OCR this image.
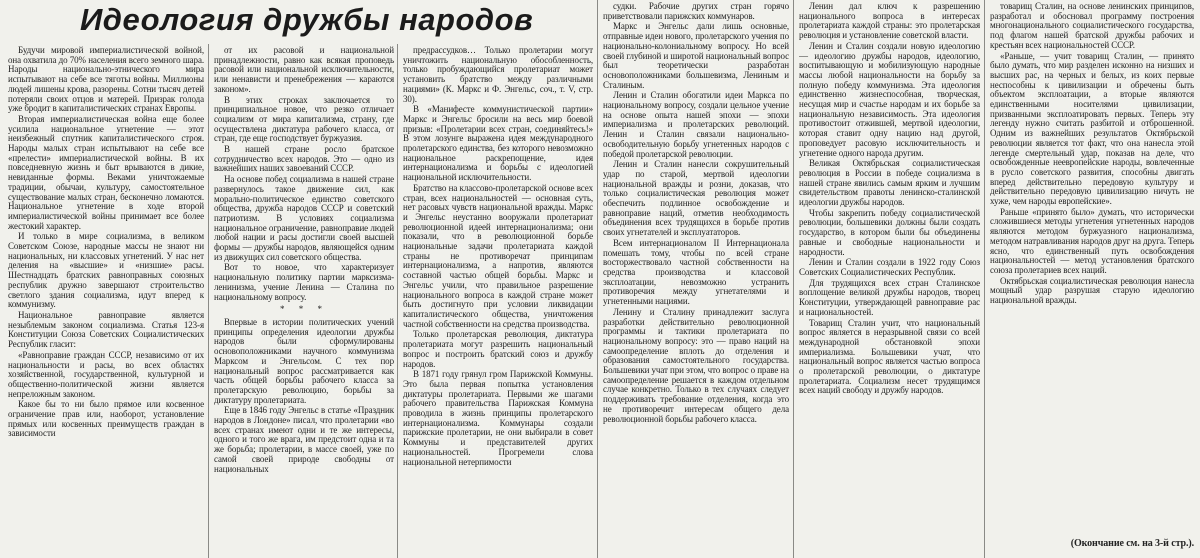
Идеология дружбы народов

Будучи мировой империалистической войной, она охватила до 70% населения всего земного шара. Народы национально-этнического мира испытывают на себе все тяготы войны. Миллионы людей лишены крова, разорены. Сотни тысяч детей потеряли своих отцов и матерей. Призрак голода уже бродит в капиталистических странах Европы.

Вторая империалистическая война еще более усилила национальное угнетение — этот неизбежный спутник капиталистического строя. Народы малых стран испытывают на себе все «прелести» империалистической войны. В их повседневную жизнь и быт врываются в дикие, невиданные формы. Веками уничтожаемые традиции, обычаи, культуру, самостоятельное существование малых стран, бесконечно ломаются. Национальное угнетение в ходе второй империалистической войны принимает все более жестокий характер.

И только в мире социализма, в великом Советском Союзе, народные массы не знают ни национальных, ни классовых угнетений. У нас нет деления на «высшие» и «низшие» расы. Шестнадцать братских равноправных союзных республик дружно завершают строительство светлого здания социализма, идут вперед к коммунизму.

Национальное равноправие является незыблемым законом социализма. Статья 123-я Конституции Союза Советских Социалистических Республик гласит:

«Равноправие граждан СССР, независимо от их национальности и расы, во всех областях хозяйственной, государственной, культурной и общественно-политической жизни является непреложным законом.

Какое бы то ни было прямое или косвенное ограничение прав или, наоборот, установление прямых или косвенных преимуществ граждан в зависимости

от их расовой и национальной принадлежности, равно как всякая проповедь расовой или национальной исключительности, или ненависти и пренебрежения — караются законом».

В этих строках заключается то принципиальное новое, что резко отличает социализм от мира капитализма, страну, где осуществлена диктатура рабочего класса, от стран, где еще господствует буржуазия.

В нашей стране росло братское сотрудничество всех народов. Это — одно из важнейших наших завоеваний СССР.

На основе побед социализма в нашей стране развернулось такое движение сил, как морально-политическое единство советского общества, дружба народов СССР и советский патриотизм. В условиях социализма национальное ограничение, равноправие людей любой нации и расы достигли своей высшей формы — дружбы народов, являющейся одним из движущих сил советского общества.

Вот то новое, что характеризует национальную политику партии марксизма-ленинизма, учение Ленина — Сталина по национальному вопросу.

* * *

Впервые в истории политических учений принципы определения идеологии дружбы народов были сформулированы основоположниками научного коммунизма Марксом и Энгельсом. С тех пор национальный вопрос рассматривается как часть общей борьбы рабочего класса за пролетарскую революцию, борьбы за диктатуру пролетариата.

Еще в 1846 году Энгельс в статье «Праздник народов в Лондоне» писал, что пролетарии «во всех странах имеют одни и те же интересы, одного и того же врага, им предстоит одна и та же борьба; пролетарии, в массе своей, уже по самой своей природе свободны от национальных

предрассудков… Только пролетарии могут уничтожить национальную обособленность, только пробуждающийся пролетариат может установить братство между различными нациями» (К. Маркс и Ф. Энгельс, соч., т. V, стр. 30).

В «Манифесте коммунистической партии» Маркс и Энгельс бросили на весь мир боевой призыв: «Пролетарии всех стран, соединяйтесь!» В этом лозунге выражена идея международного пролетарского единства, без которого невозможно национальное раскрепощение, идея интернационализма и борьбы с идеологией национальной исключительности.

Братство на классово-пролетарской основе всех стран, всех национальностей — основная суть, нет расовых чувств национальной вражды. Маркс и Энгельс неустанно вооружали пролетариат революционной идеей интернационализма; они показали, что в революционной борьбе национальные задачи пролетариата каждой страны не противоречат принципам интернационализма, а напротив, являются составной частью общей борьбы. Маркс и Энгельс учили, что правильное разрешение национального вопроса в каждой стране может быть достигнуто при условии ликвидации капиталистического общества, уничтожения частной собственности на средства производства.

Только пролетарская революция, диктатура пролетариата могут разрешить национальный вопрос и построить братский союз и дружбу народов.

В 1871 году грянул гром Парижской Коммуны. Это была первая попытка установления диктатуры пролетариата. Первыми же шагами рабочего правительства Парижская Коммуна проводила в жизнь принципы пролетарского интернационализма. Коммунары создали парижские пролетарии, не они выбирали в совет Коммуны и представителей других национальностей. Прогремели слова национальной нетерпимости

судки. Рабочие других стран горячо приветствовали парижских коммунаров.

Маркс и Энгельс дали лишь основные, отправные идеи нового, пролетарского учения по национально-колониальному вопросу. Но всей своей глубиной и широтой национальный вопрос был теоретически разработан основоположниками большевизма, Лениным и Сталиным.

Ленин и Сталин обогатили идеи Маркса по национальному вопросу, создали цельное учение на основе опыта нашей эпохи — эпохи империализма и пролетарских революций. Ленин и Сталин связали национально-освободительную борьбу угнетенных народов с победой пролетарской революции.

Ленин и Сталин нанесли сокрушительный удар по старой, мертвой идеологии национальной вражды и розни, доказав, что только социалистическая революция может обеспечить подлинное освобождение и равноправие наций, отметив необходимость объединения всех трудящихся в борьбе против своих угнетателей и эксплуататоров.

Всем интернационалом II Интернационала помешать тому, чтобы по всей стране восторжествовало частной собственности на средства производства и классовой эксплоатации, невозможно устранить противоречия между угнетателями и угнетенными нациями.

Ленину и Сталину принадлежит заслуга разработки действительно революционной программы и тактики пролетариата по национальному вопросу: это — право наций на самоопределение вплоть до отделения и образования самостоятельного государства. Большевики учат при этом, что вопрос о праве на самоопределение решается в каждом отдельном случае конкретно. Только в тех случаях следует поддерживать требование отделения, когда это не противоречит интересам общего дела революционной борьбы рабочего класса.

Ленин дал ключ к разрешению национального вопроса в интересах пролетариата каждой страны: это пролетарская революция и установление советской власти.

Ленин и Сталин создали новую идеологию — идеологию дружбы народов, идеологию, воспитывающую и мобилизующую народные массы любой национальности на борьбу за полную победу коммунизма. Эта идеология единственно жизнеспособная, творческая, несущая мир и счастье народам и их борьбе за национальную независимость. Эта идеология противостоит отжившей, мертвой идеологии, которая ставит одну нацию над другой, проповедует расовую исключительность и угнетение одного народа другим.

Великая Октябрьская социалистическая революция в России в победе социализма в нашей стране явились самым ярким и лучшим свидетельством правоты ленинско-сталинской идеологии дружбы народов.

Чтобы закрепить победу социалистической революции, большевики должны были создать государство, в котором были бы объединены равные и свободные национальности и народности.

Ленин и Сталин создали в 1922 году Союз Советских Социалистических Республик.

Для трудящихся всех стран Сталинское воплощение великой дружбы народов, творец Конституции, утверждающей равноправие рас и национальностей.

Товарищ Сталин учит, что национальный вопрос является в неразрывной связи со всей международной обстановкой эпохи империализма. Большевики учат, что национальный вопрос является частью вопроса о пролетарской революции, о диктатуре пролетариата. Социализм несет трудящимся всех наций свободу и дружбу народов.

товарищ Сталин, на основе ленинских принципов, разработал и обосновал программу построения многонационального социалистического государства, под флагом нашей братской дружбы рабочих и крестьян всех национальностей СССР.

«Раньше, — учит товарищ Сталин, — принято было думать, что мир разделен исконно на низших и высших рас, на черных и белых, из коих первые неспособны к цивилизации и обречены быть объектом эксплоатации, а вторые являются единственными носителями цивилизации, призванными эксплоатировать первых. Теперь эту легенду нужно считать разбитой и отброшенной. Одним из важнейших результатов Октябрьской революции является тот факт, что она нанесла этой легенде смертельный удар, показав на деле, что освобожденные неевропейские народы, вовлеченные в русло советского развития, способны двигать вперед действительно передовую культуру и действительно передовую цивилизацию ничуть не хуже, чем народы европейские».

Раньше «принято было» думать, что исторически сложившиеся методы угнетения угнетенных народов являются методом буржуазного национализма, методом натравливания народов друг на друга. Теперь ясно, что единственный путь освобождения национальностей — метод установления братского союза пролетариев всех наций.

Октябрьская социалистическая революция нанесла мощный удар разрушая старую идеологию национальной вражды.

(Окончание см. на 3-й стр.).
